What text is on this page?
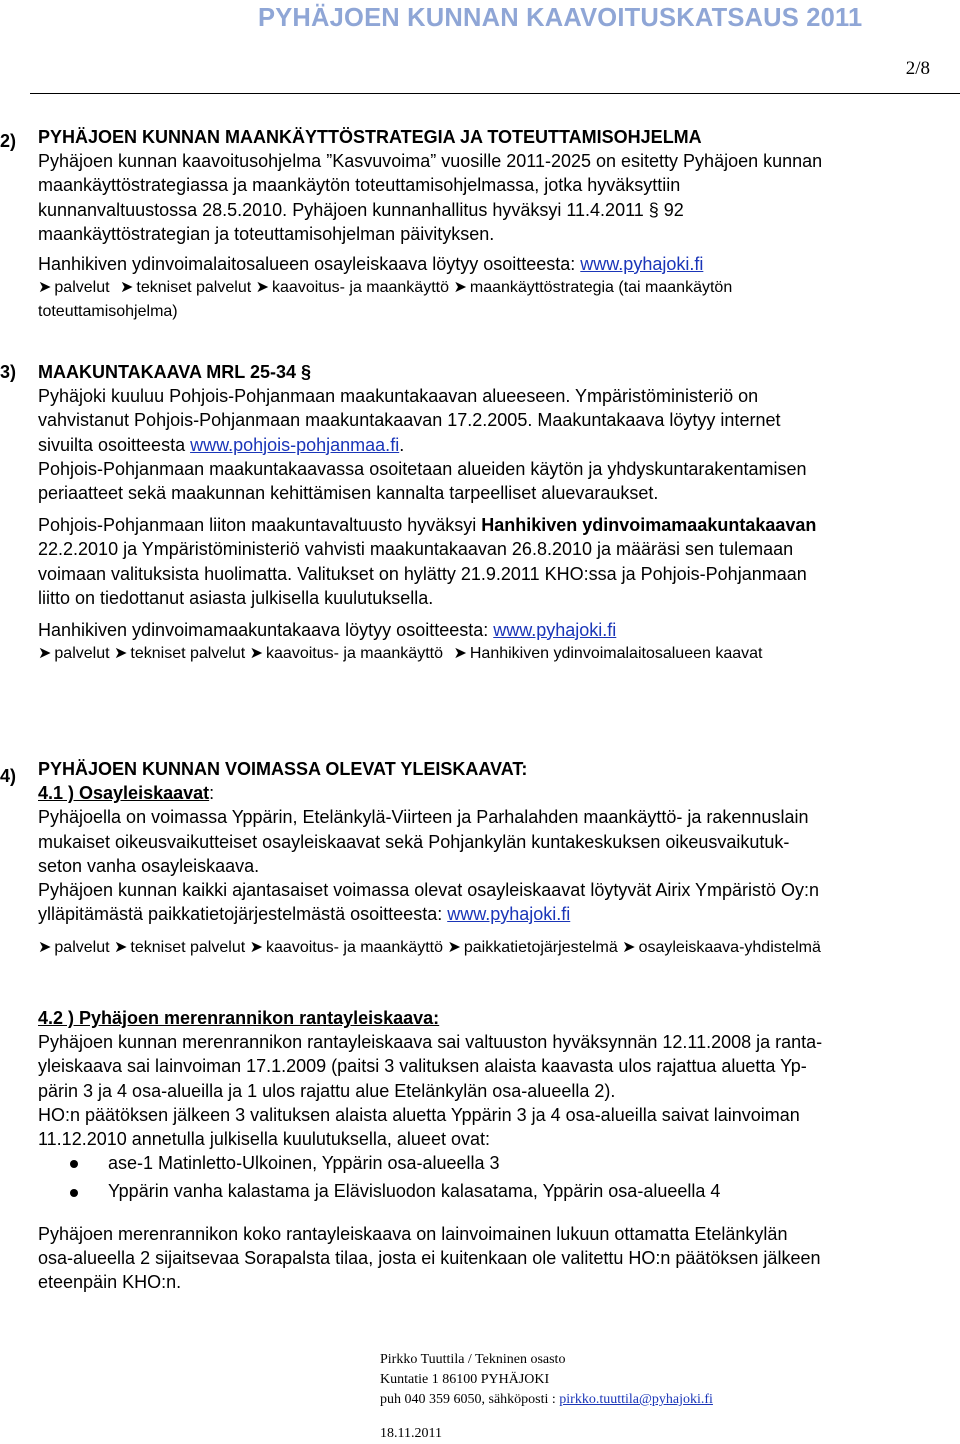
PYHÄJOEN KUNNAN KAAVOITUSKATSAUS 2011
2/8
2) PYHÄJOEN KUNNAN MAANKÄYTTÖSTRATEGIA JA TOTEUTTAMISOHJELMA
Pyhäjoen kunnan kaavoitusohjelma ”Kasvuvoima” vuosille 2011-2025 on esitetty Pyhäjoen kunnan
maankäyttöstrategiassa ja maankäytön toteuttamisohjelmassa, jotka hyväksyttiin
kunnanvaltuustossa 28.5.2010. Pyhäjoen kunnanhallitus hyväksyi 11.4.2011 § 92
maankäyttöstrategian ja toteuttamisohjelman päivityksen.
Hanhikiven ydinvoimalaitosalueen osayleiskaava löytyy osoitteesta: www.pyhajoki.fi
➤ palvelut ➤ tekniset palvelut ➤ kaavoitus- ja maankäyttö ➤ maankäyttöstrategia (tai maankäytön
toteuttamisohjelma)
3) MAAKUNTAKAAVA MRL 25-34 §
Pyhäjoki kuuluu Pohjois-Pohjanmaan maakuntakaavan alueeseen. Ympäristöministeriö on
vahvistanut Pohjois-Pohjanmaan maakuntakaavan 17.2.2005. Maakuntakaava löytyy internet
sivuilta osoitteesta www.pohjois-pohjanmaa.fi.
Pohjois-Pohjanmaan maakuntakaavassa osoitetaan alueiden käytön ja yhdyskuntarakentamisen
periaatteet sekä maakunnan kehittämisen kannalta tarpeelliset aluevaraukset.
Pohjois-Pohjanmaan liiton maakuntavaltuusto hyväksyi Hanhikiven ydinvoimamaakuntakaavan
22.2.2010 ja Ympäristöministeriö vahvisti maakuntakaavan 26.8.2010 ja määräsi sen tulemaan
voimaan valituksista huolimatta. Valitukset on hylätty 21.9.2011 KHO:ssa ja Pohjois-Pohjanmaan
liitto on tiedottanut asiasta julkisella kuulutuksella.
Hanhikiven ydinvoimamaakuntakaava löytyy osoitteesta: www.pyhajoki.fi
➤ palvelut ➤ tekniset palvelut ➤ kaavoitus- ja maankäyttö ➤ Hanhikiven ydinvoimalaitosalueen kaavat
4) PYHÄJOEN KUNNAN VOIMASSA OLEVAT YLEISKAAVAT:
4.1 ) Osayleiskaavat:
Pyhäjoella on voimassa Yppärin, Etelänkylä-Viirteen ja Parhalahden maankäyttö- ja rakennuslain
mukaiset oikeusvaikutteiset osayleiskaavat sekä Pohjankylän kuntakeskuksen oikeusvaikutuk-
seton vanha osayleiskaava.
Pyhäjoen kunnan kaikki ajantasaiset voimassa olevat osayleiskaavat löytyvät Airix Ympäristö Oy:n
ylläpitämästä paikkatietojärjestelmästä osoitteesta: www.pyhajoki.fi
➤ palvelut ➤ tekniset palvelut ➤ kaavoitus- ja maankäyttö ➤ paikkatietojärjestelmä ➤ osayleiskaava-yhdistelmä
4.2 ) Pyhäjoen merenrannikon rantayleiskaava:
Pyhäjoen kunnan merenrannikon rantayleiskaava sai valtuuston hyväksynnän 12.11.2008 ja ranta-
yleiskaava sai lainvoiman 17.1.2009 (paitsi 3 valituksen alaista kaavasta ulos rajattua aluetta Yp-
pärin 3 ja 4 osa-alueilla ja 1 ulos rajattu alue Etelänkylän osa-alueella 2).
HO:n päätöksen jälkeen 3 valituksen alaista aluetta Yppärin 3 ja 4 osa-alueilla saivat lainvoiman
11.12.2010 annetulla julkisella kuulutuksella, alueet ovat:
ase-1 Matinletto-Ulkoinen, Yppärin osa-alueella 3
Yppärin vanha kalastama ja Elävisluodon kalasatama, Yppärin osa-alueella 4
Pyhäjoen merenrannikon koko rantayleiskaava on lainvoimainen lukuun ottamatta Etelänkylän
osa-alueella 2 sijaitsevaa Sorapalsta tilaa, josta ei kuitenkaan ole valitettu HO:n päätöksen jälkeen
eteenpäin KHO:n.
Pirkko Tuuttila / Tekninen osasto
Kuntatie 1 86100 PYHÄJOKI
puh 040 359 6050, sähköposti : pirkko.tuuttila@pyhajoki.fi
18.11.2011
